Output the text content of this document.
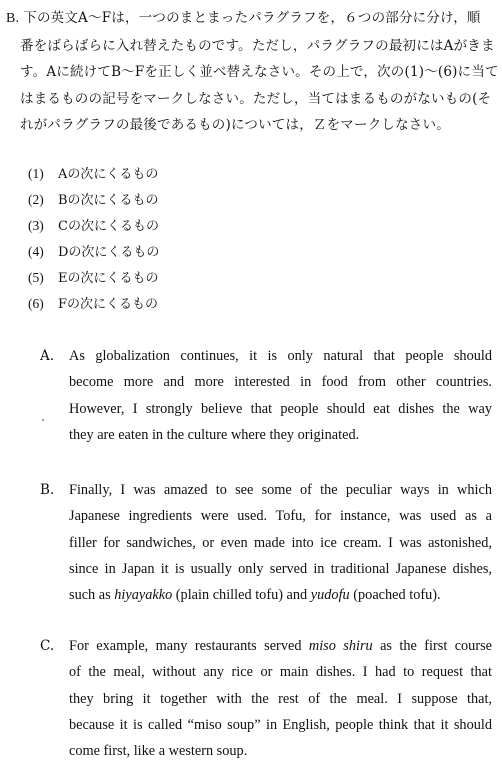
B. 下の英文A〜Fは，一つのまとまったパラグラフを，６つの部分に分け，順
番をばらばらに入れ替えたものです。ただし，パラグラフの最初にはAがきま
す。Aに続けてB〜Fを正しく並べ替えなさい。その上で，次の(1)〜(6)に当て
はまるものの記号をマークしなさい。ただし，当てはまるものがないもの(そ
れがパラグラフの最後であるもの)については，Ｚをマークしなさい。
(1) Aの次にくるもの
(2) Bの次にくるもの
(3) Cの次にくるもの
(4) Dの次にくるもの
(5) Eの次にくるもの
(6) Fの次にくるもの
A.	As globalization continues, it is only natural that people should
become more and more interested in food from other countries.
However, I strongly believe that people should eat dishes the way
they are eaten in the culture where they originated.
B.	Finally, I was amazed to see some of the peculiar ways in which
Japanese ingredients were used. Tofu, for instance, was used as a
filler for sandwiches, or even made into ice cream. I was astonished,
since in Japan it is usually only served in traditional Japanese dishes,
such as hiyayakko (plain chilled tofu) and yudofu (poached tofu).
C.	For example, many restaurants served miso shiru as the first course
of the meal, without any rice or main dishes. I had to request that
they bring it together with the rest of the meal. I suppose that,
because it is called “miso soup” in English, people think that it should
come first, like a western soup.
